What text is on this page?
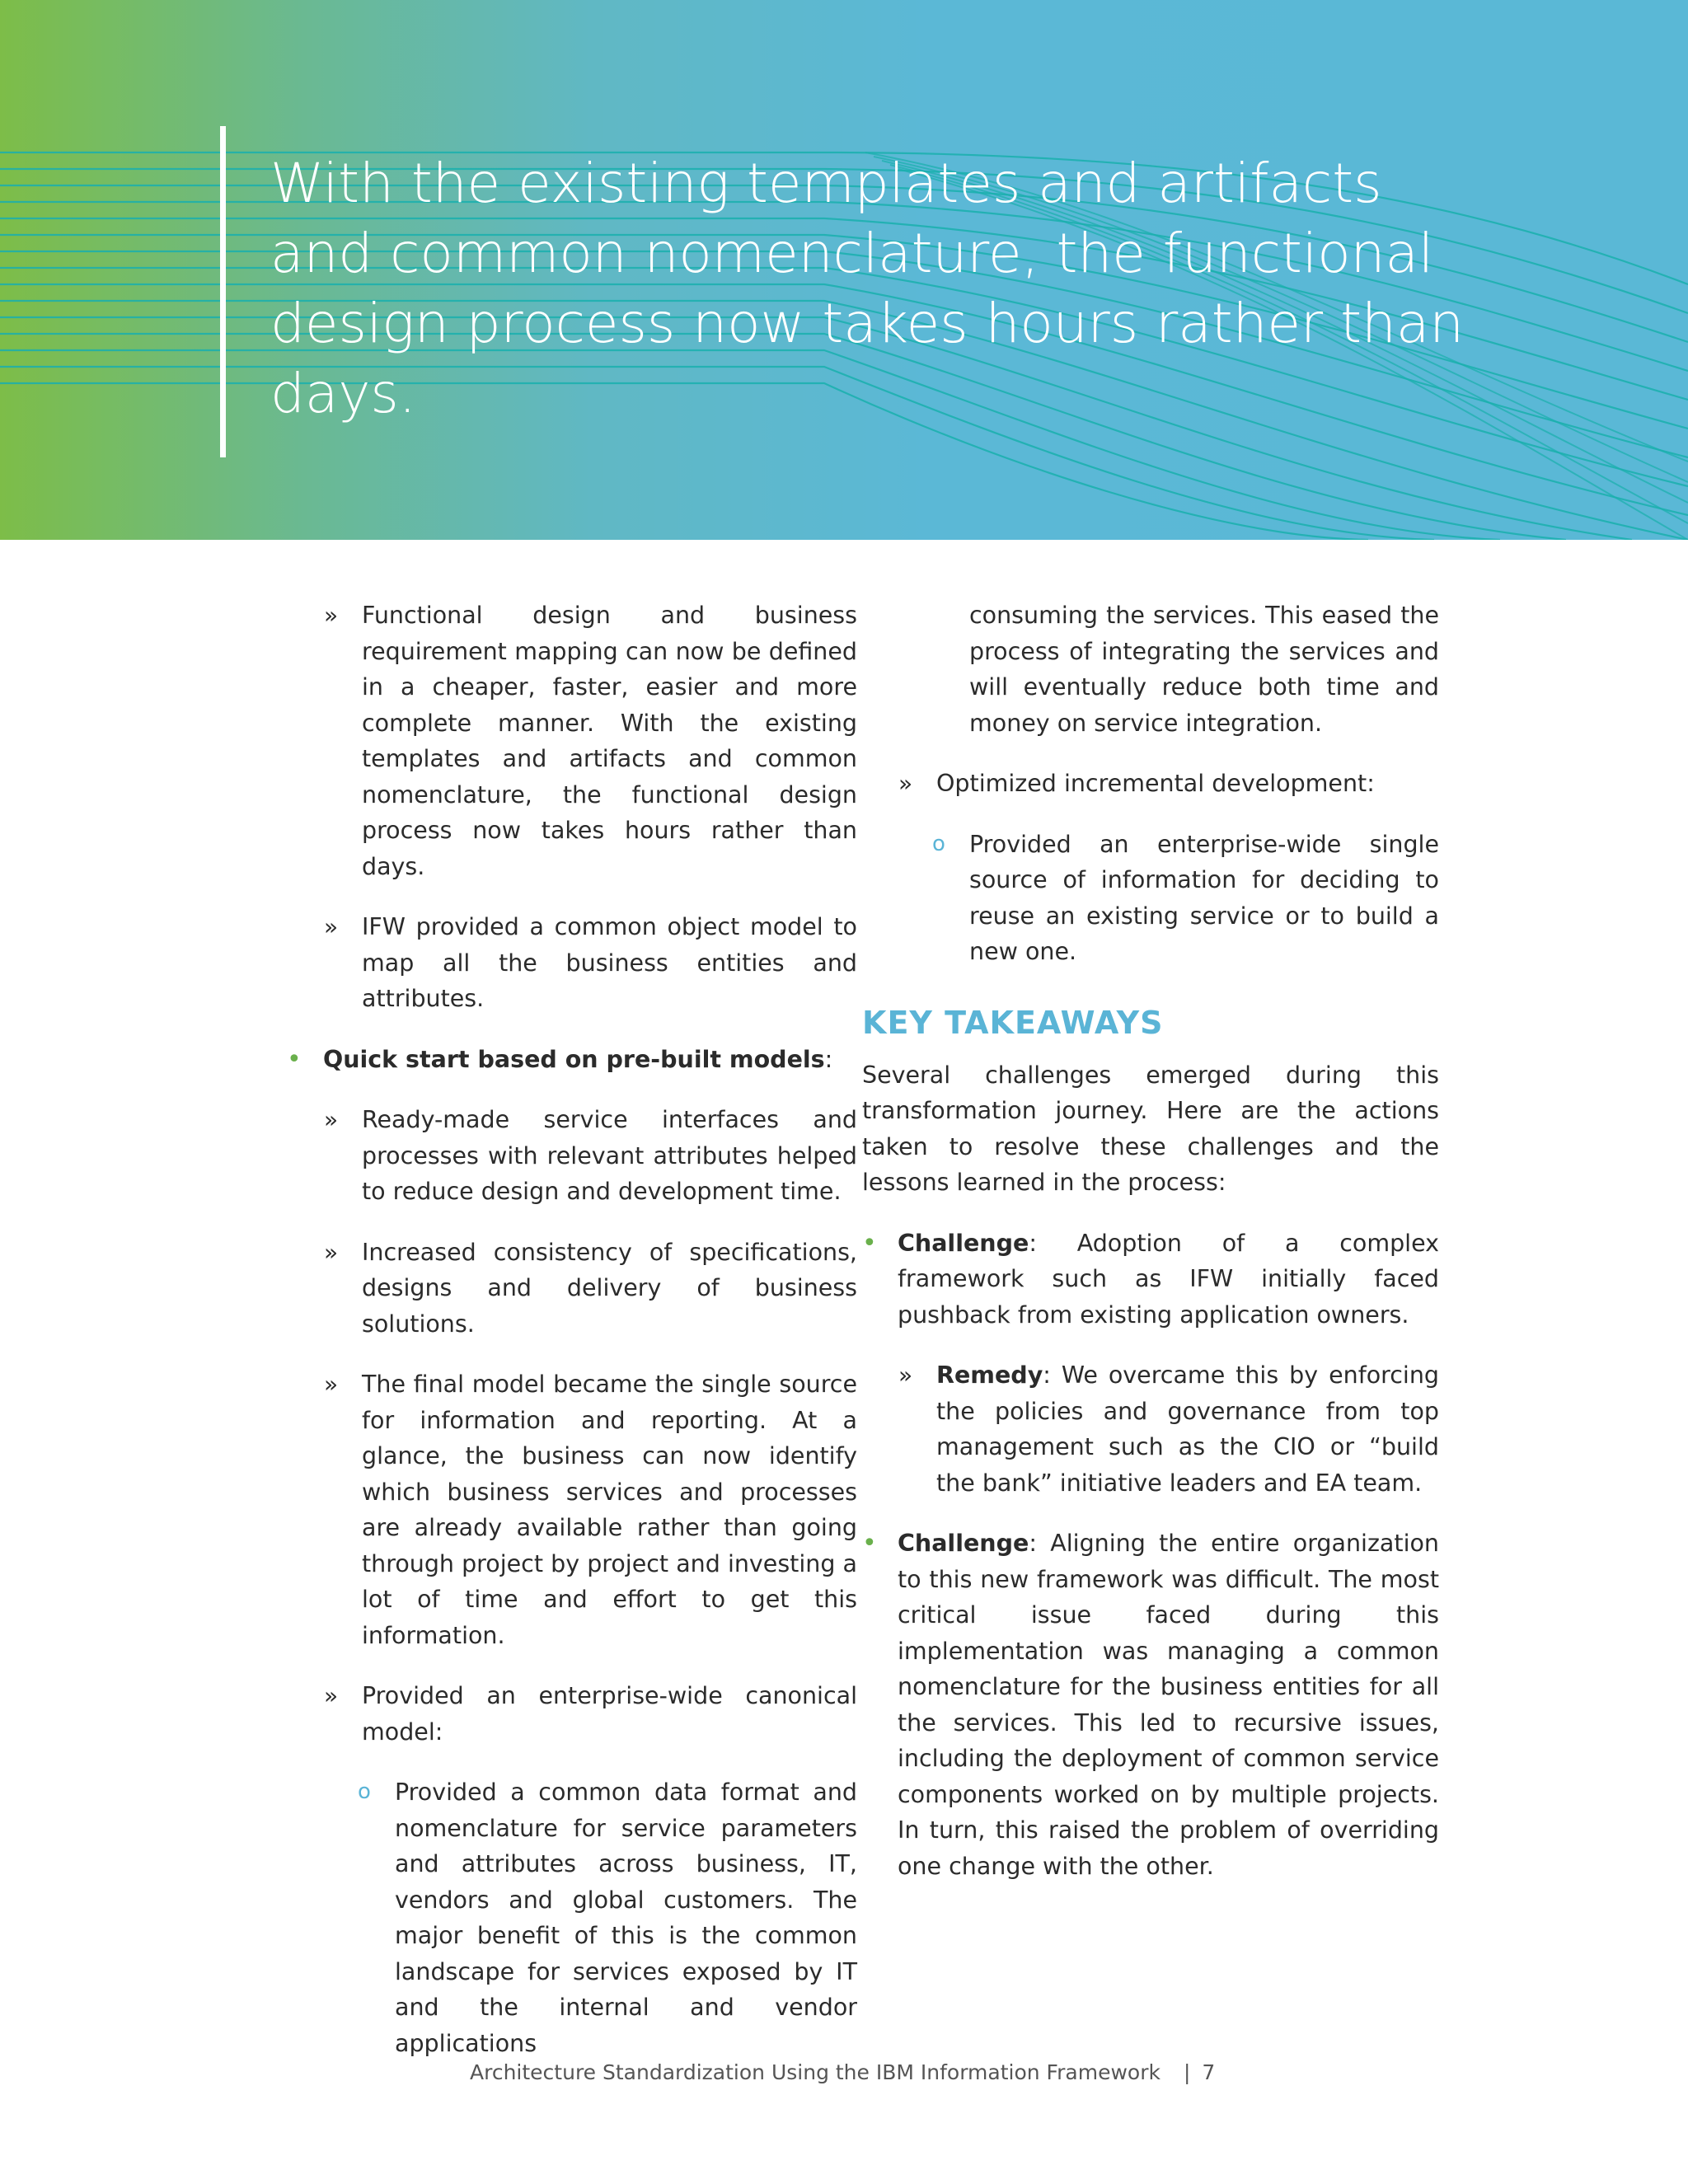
With the existing templates and artifacts and common nomenclature, the functional design process now takes hours rather than days.

» Functional design and business requirement mapping can now be defined in a cheaper, faster, easier and more complete manner. With the existing templates and artifacts and common nomenclature, the functional design process now takes hours rather than days.

» IFW provided a common object model to map all the business entities and attributes.

• Quick start based on pre-built models:

» Ready-made service interfaces and processes with relevant attributes helped to reduce design and development time.

» Increased consistency of specifications, designs and delivery of business solutions.

» The final model became the single source for information and reporting. At a glance, the business can now identify which business services and processes are already available rather than going through project by project and investing a lot of time and effort to get this information.

» Provided an enterprise-wide canonical model:

o Provided a common data format and nomenclature for service parameters and attributes across business, IT, vendors and global customers. The major benefit of this is the common landscape for services exposed by IT and the internal and vendor applications

consuming the services. This eased the process of integrating the services and will eventually reduce both time and money on service integration.

» Optimized incremental development:

o Provided an enterprise-wide single source of information for deciding to reuse an existing service or to build a new one.

KEY TAKEAWAYS

Several challenges emerged during this transformation journey. Here are the actions taken to resolve these challenges and the lessons learned in the process:

• Challenge: Adoption of a complex framework such as IFW initially faced pushback from existing application owners.

» Remedy: We overcame this by enforcing the policies and governance from top management such as the CIO or “build the bank” initiative leaders and EA team.

• Challenge: Aligning the entire organization to this new framework was difficult. The most critical issue faced during this implementation was managing a common nomenclature for the business entities for all the services. This led to recursive issues, including the deployment of common service components worked on by multiple projects. In turn, this raised the problem of overriding one change with the other.

Architecture Standardization Using the IBM Information Framework | 7
